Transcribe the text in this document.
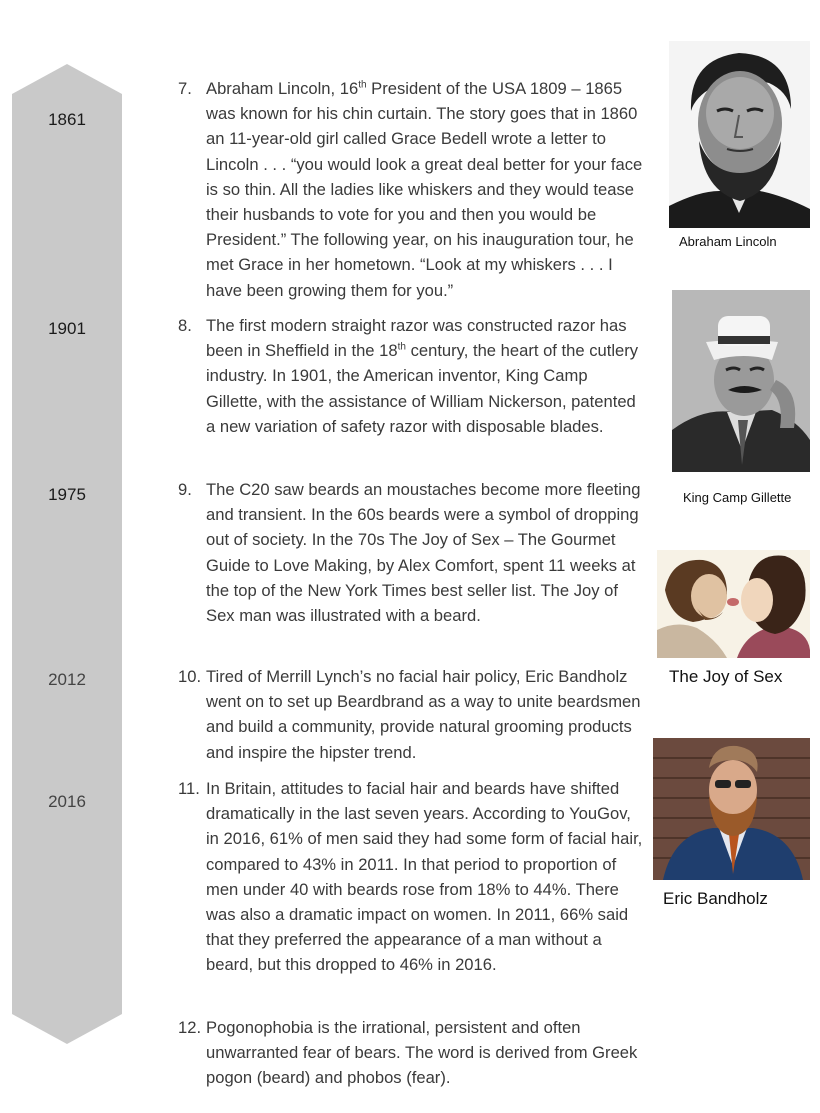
1861
1901
1975
2012
2016
7. Abraham Lincoln, 16th President of the USA 1809 – 1865 was known for his chin curtain. The story goes that in 1860 an 11-year-old girl called Grace Bedell wrote a letter to Lincoln . . . “you would look a great deal better for your face is so thin. All the ladies like whiskers and they would tease their husbands to vote for you and then you would be President.” The following year, on his inauguration tour, he met Grace in her hometown. “Look at my whiskers . . . I have been growing them for you.”
8. The first modern straight razor was constructed razor has been in Sheffield in the 18th century, the heart of the cutlery industry. In 1901, the American inventor, King Camp Gillette, with the assistance of William Nickerson, patented a new variation of safety razor with disposable blades.
9. The C20 saw beards an moustaches become more fleeting and transient. In the 60s beards were a symbol of dropping out of society. In the 70s The Joy of Sex – The Gourmet Guide to Love Making, by Alex Comfort, spent 11 weeks at the top of the New York Times best seller list. The Joy of Sex man was illustrated with a beard.
10. Tired of Merrill Lynch’s no facial hair policy, Eric Bandholz went on to set up Beardbrand as a way to unite beardsmen and build a community, provide natural grooming products and inspire the hipster trend.
11. In Britain, attitudes to facial hair and beards have shifted dramatically in the last seven years. According to YouGov, in 2016, 61% of men said they had some form of facial hair, compared to 43% in 2011. In that period to proportion of men under 40 with beards rose from 18% to 44%. There was also a dramatic impact on women. In 2011, 66% said that they preferred the appearance of a man without a beard, but this dropped to 46% in 2016.
12. Pogonophobia is the irrational, persistent and often unwarranted fear of bears. The word is derived from Greek pogon (beard) and phobos (fear).
Abraham Lincoln
King Camp Gillette
The Joy of Sex
Eric Bandholz
